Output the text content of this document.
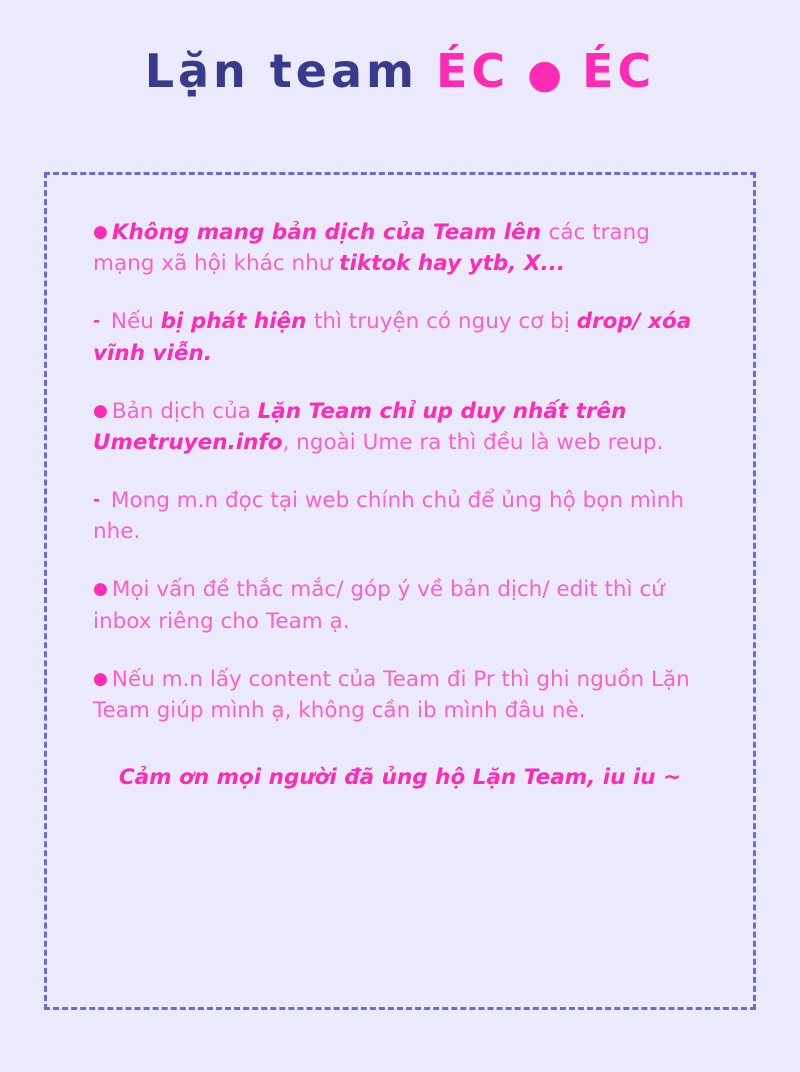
Lặn team ÉC ● ÉC

● Không mang bản dịch của Team lên các trang mạng xã hội khác như tiktok hay ytb, X...

- Nếu bị phát hiện thì truyện có nguy cơ bị drop/ xóa vĩnh viễn.

● Bản dịch của Lặn Team chỉ up duy nhất trên Umetruyen.info, ngoài Ume ra thì đều là web reup.

- Mong m.n đọc tại web chính chủ để ủng hộ bọn mình nhe.

● Mọi vấn đề thắc mắc/ góp ý về bản dịch/ edit thì cứ inbox riêng cho Team ạ.

● Nếu m.n lấy content của Team đi Pr thì ghi nguồn Lặn Team giúp mình ạ, không cần ib mình đâu nè.

Cảm ơn mọi người đã ủng hộ Lặn Team, iu iu ~
